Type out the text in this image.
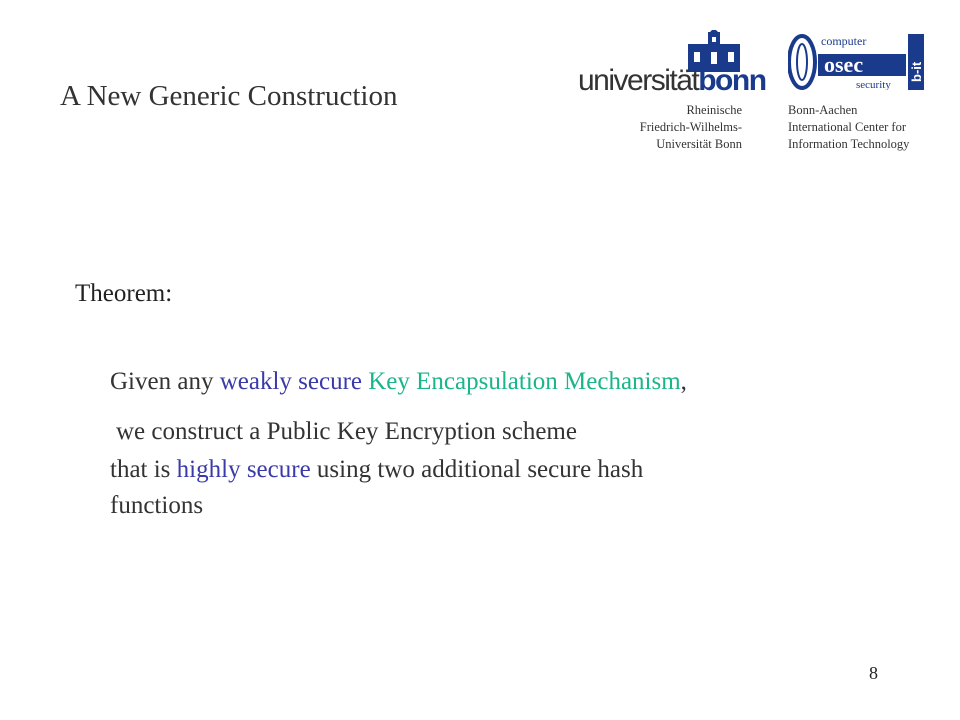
A New Generic Construction	universitätbonn
Rheinische
Friedrich-Wilhelms-
Universität Bonn
computer
osec
security
b-it
Bonn-Aachen
International Center for
Information Technology
Theorem:
Given any weakly secure Key Encapsulation Mechanism,
we construct a Public Key Encryption scheme
that is highly secure using two additional secure hash
functions
8
